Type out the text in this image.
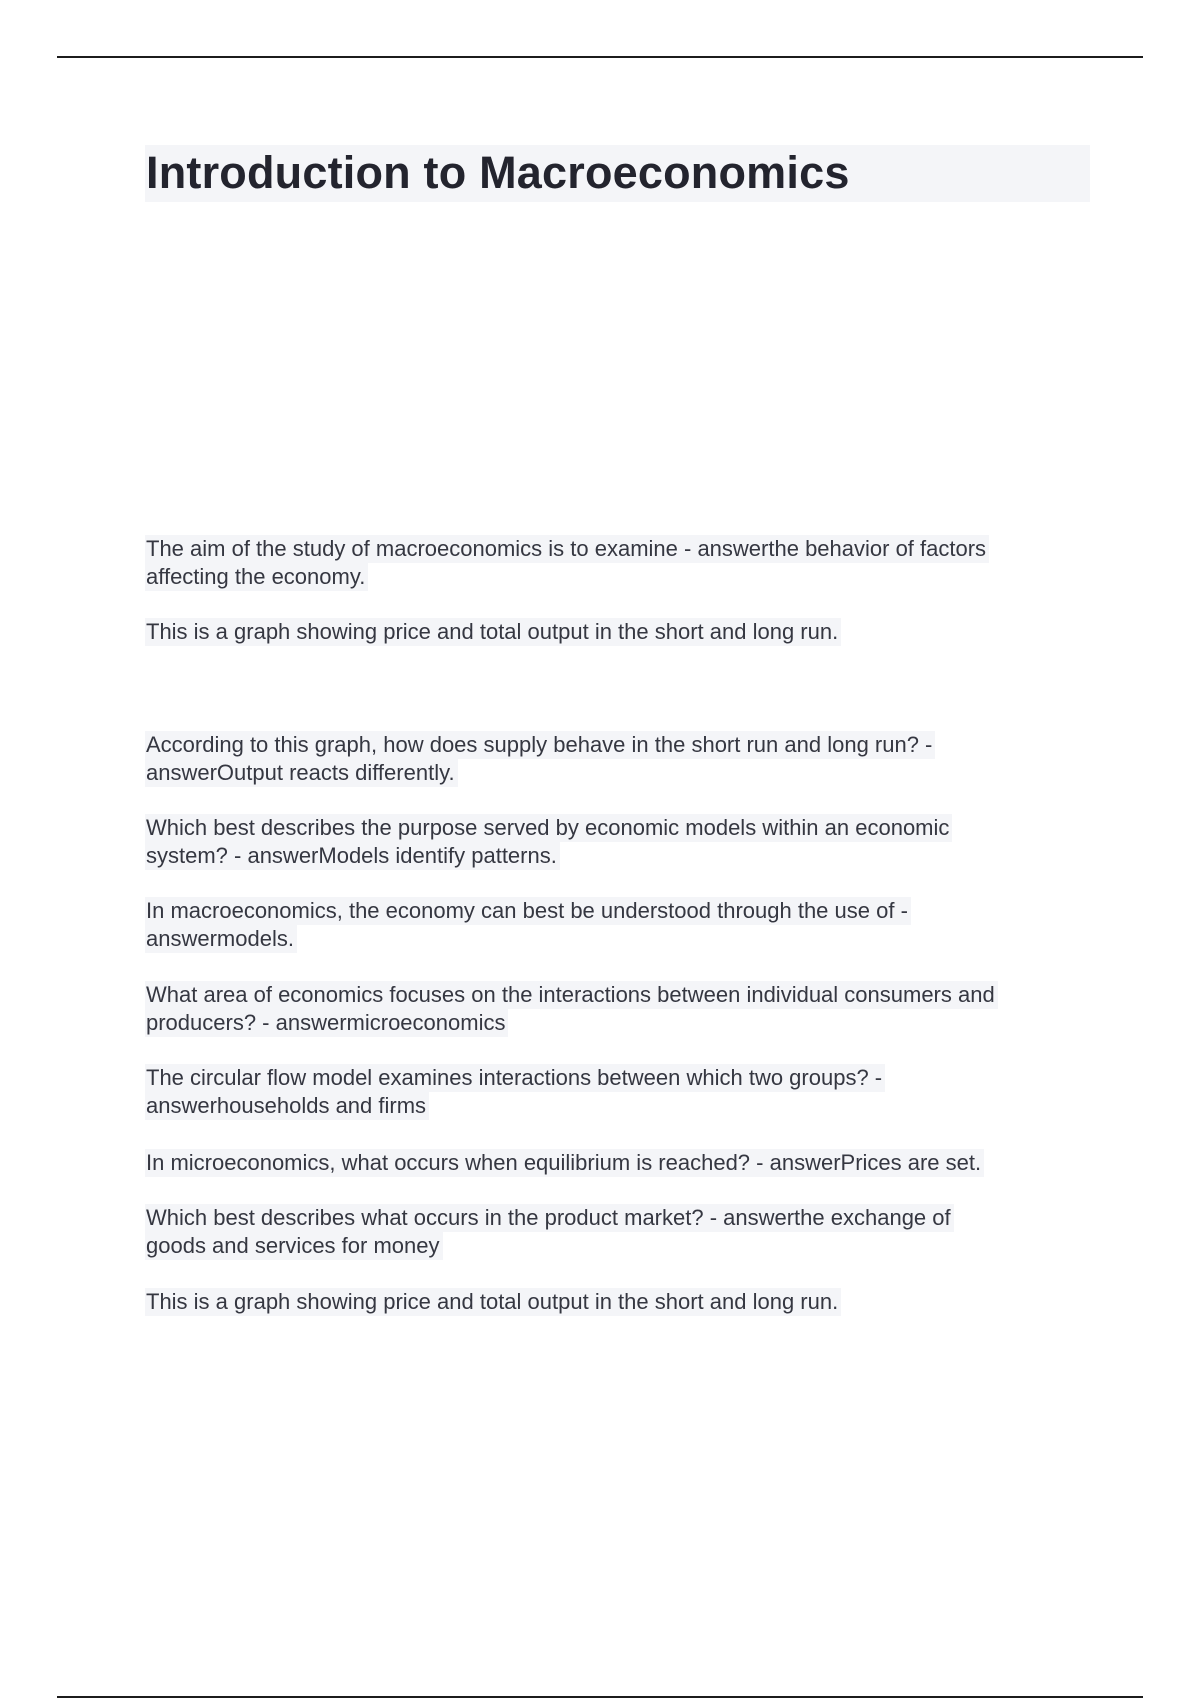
Introduction to Macroeconomics

The aim of the study of macroeconomics is to examine - answerthe behavior of factors
affecting the economy.

This is a graph showing price and total output in the short and long run.

According to this graph, how does supply behave in the short run and long run? -
answerOutput reacts differently.

Which best describes the purpose served by economic models within an economic
system? - answerModels identify patterns.

In macroeconomics, the economy can best be understood through the use of -
answermodels.

What area of economics focuses on the interactions between individual consumers and
producers? - answermicroeconomics

The circular flow model examines interactions between which two groups? -
answerhouseholds and firms

In microeconomics, what occurs when equilibrium is reached? - answerPrices are set.

Which best describes what occurs in the product market? - answerthe exchange of
goods and services for money

This is a graph showing price and total output in the short and long run.
